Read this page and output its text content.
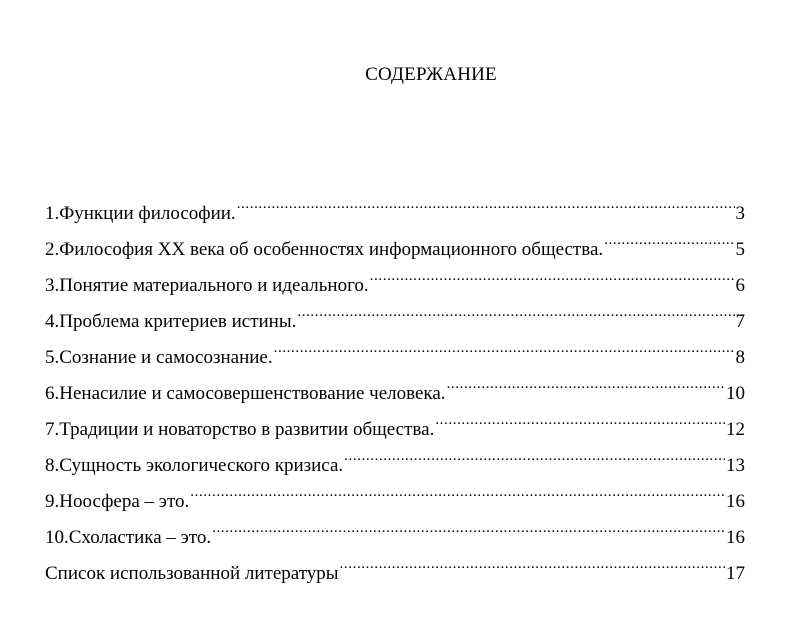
СОДЕРЖАНИЕ
1.Функции философии. .....	3
2.Философия XX века об особенностях информационного общества. .....	5
3.Понятие материального и идеального. .....	6
4.Проблема критериев истины. .....	7
5.Сознание и самосознание. .....	8
6.Ненасилие и самосовершенствование человека. .....	10
7.Традиции и новаторство в развитии общества. .....	12
8.Сущность экологического кризиса. .....	13
9.Ноосфера – это. .....	16
10.Схоластика – это. .....	16
Список использованной литературы .....	17
